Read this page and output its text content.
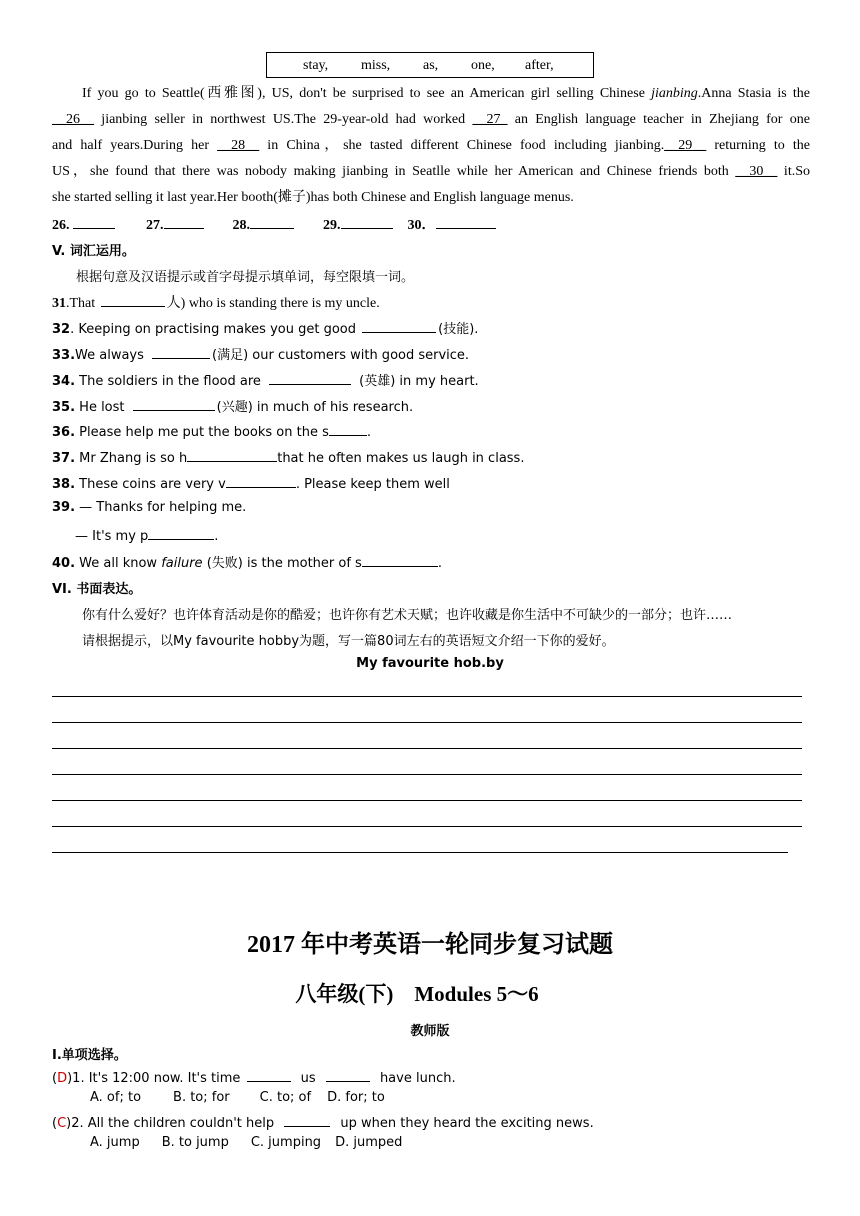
stay, miss, as, one, after,
If you go to Seattle(西雅图), US, don't be surprised to see an American girl selling Chinese jianbing.Anna Stasia is the
__26__ jianbing seller in northwest US.The 29-year-old had worked __27_ an English language teacher in Zhejiang for one
and half years.During her __28__ in China，she tasted different Chinese food including jianbing.__29__ returning to the
US，she found that there was nobody making jianbing in Seatlle while her American and Chinese friends both __30__ it.So
she started selling it last year.Her booth(摊子)has both Chinese and English language menus.
26.	27.	28.	29.	30．
V. 词汇运用。
根据句意及汉语提示或首字母提示填单词，每空限填一词。
31.That	人) who is standing there is my uncle.
32. Keeping on practising makes you get good	(技能).
33.We always	(满足) our customers with good service.
34. The soldiers in the flood are	(英雄) in my heart.
35. He lost	(兴趣) in much of his research.
36. Please help me put the books on the s	.
37. Mr Zhang is so h	that he often makes us laugh in class.
38. These coins are very v	. Please keep them well
39. — Thanks for helping me.
— It's my p	.
40. We all know failure (失败) is the mother of s	.
VI. 书面表达。
你有什么爱好？也许体育活动是你的酷爱；也许你有艺术天赋；也许收藏是你生活中不可缺少的一部分；也许……
请根据提示，以My favourite hobby为题，写一篇80词左右的英语短文介绍一下你的爱好。
My favourite hob.by
2017 年中考英语一轮同步复习试题
八年级(下)    Modules 5～6
教师版
I.单项选择。
(D)1. It's 12:00 now. It's time	us	have lunch.
A. of; to B. to; for C. to; of D. for; to
(C)2. All the children couldn't help	up when they heard the exciting news.
A. jump B. to jump C. jumping D. jumped
